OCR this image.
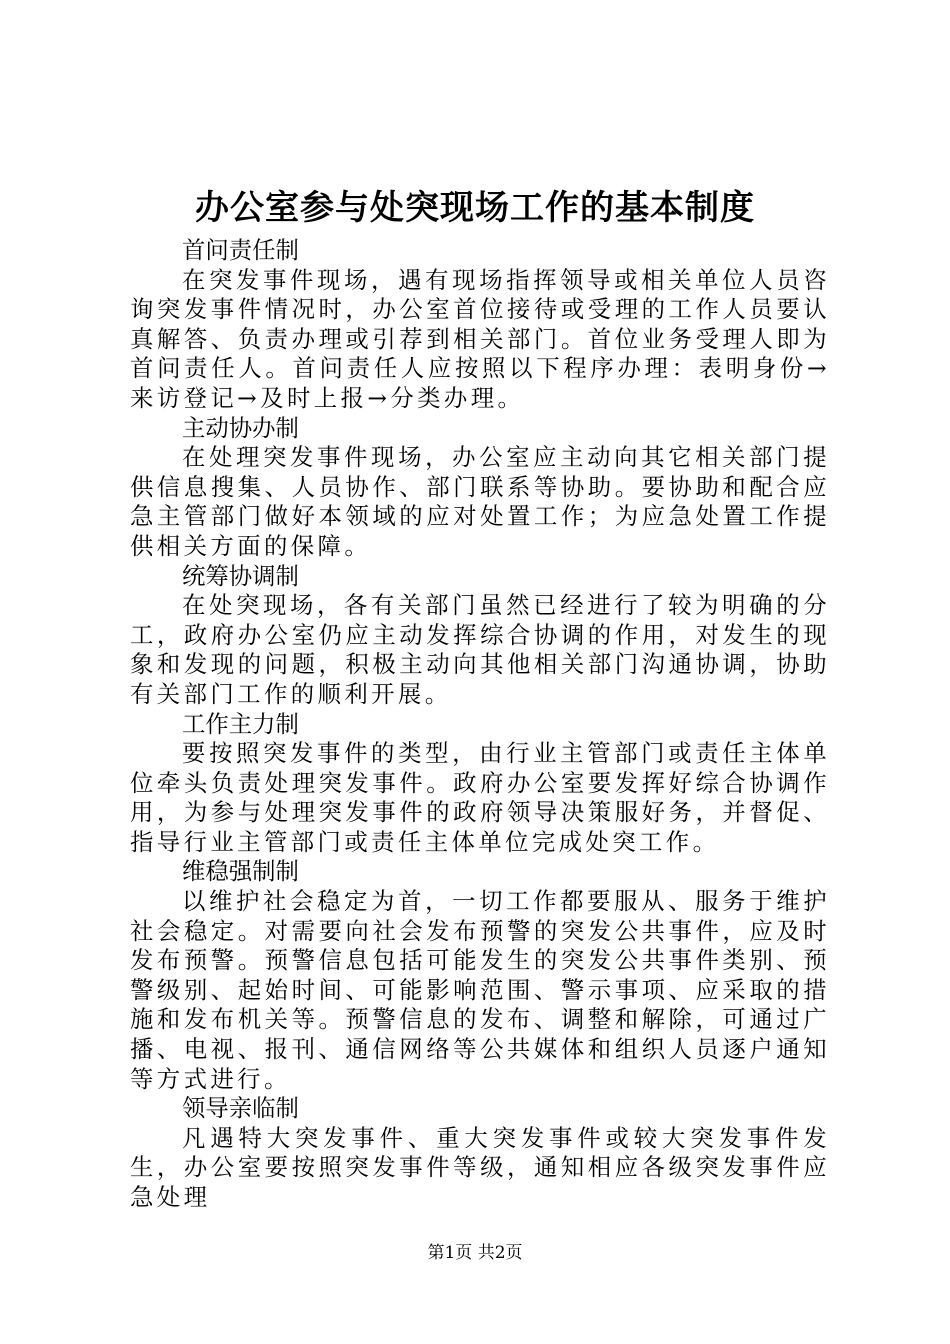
办公室参与处突现场工作的基本制度
首问责任制

在突发事件现场，遇有现场指挥领导或相关单位人员咨询突发事件情况时，办公室首位接待或受理的工作人员要认真解答、负责办理或引荐到相关部门。首位业务受理人即为首问责任人。首问责任人应按照以下程序办理：表明身份→来访登记→及时上报→分类办理。

主动协办制

在处理突发事件现场，办公室应主动向其它相关部门提供信息搜集、人员协作、部门联系等协助。要协助和配合应急主管部门做好本领域的应对处置工作；为应急处置工作提供相关方面的保障。

统筹协调制

在处突现场，各有关部门虽然已经进行了较为明确的分工，政府办公室仍应主动发挥综合协调的作用，对发生的现象和发现的问题，积极主动向其他相关部门沟通协调，协助有关部门工作的顺利开展。

工作主力制

要按照突发事件的类型，由行业主管部门或责任主体单位牵头负责处理突发事件。政府办公室要发挥好综合协调作用，为参与处理突发事件的政府领导决策服好务，并督促、指导行业主管部门或责任主体单位完成处突工作。

维稳强制制

以维护社会稳定为首，一切工作都要服从、服务于维护社会稳定。对需要向社会发布预警的突发公共事件，应及时发布预警。预警信息包括可能发生的突发公共事件类别、预警级别、起始时间、可能影响范围、警示事项、应采取的措施和发布机关等。预警信息的发布、调整和解除，可通过广播、电视、报刊、通信网络等公共媒体和组织人员逐户通知等方式进行。

领导亲临制

凡遇特大突发事件、重大突发事件或较大突发事件发生，办公室要按照突发事件等级，通知相应各级突发事件应急处理

第1页 共2页
